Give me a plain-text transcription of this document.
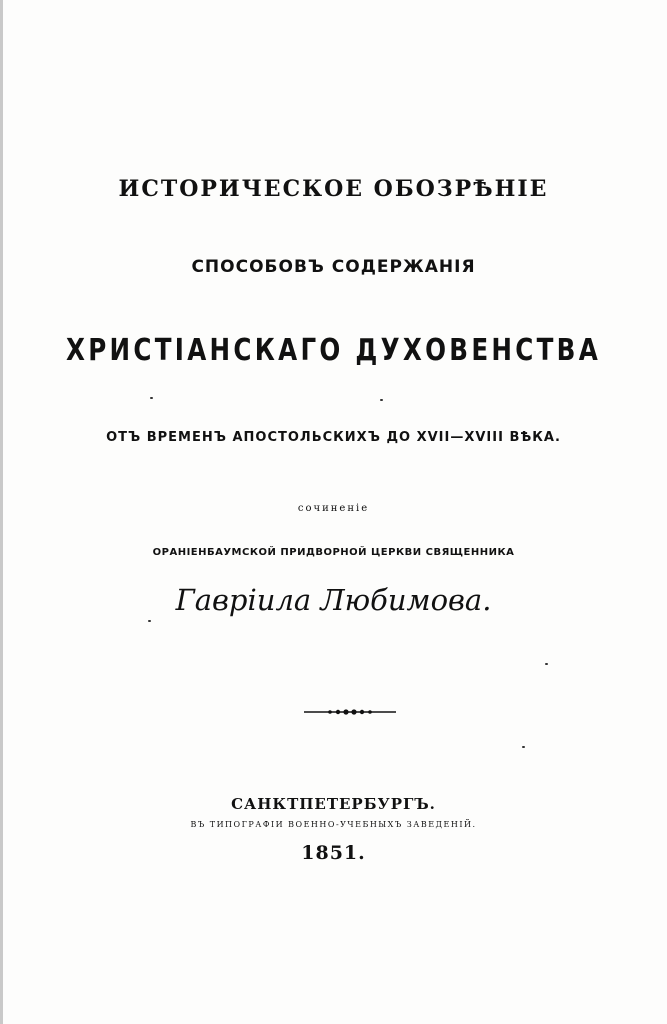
ИСТОРИЧЕСКОЕ ОБОЗРѢНІЕ
СПОСОБОВЪ СОДЕРЖАНІЯ
ХРИСТІАНСКАГО ДУХОВЕНСТВА
ОТЪ ВРЕМЕНЪ АПОСТОЛЬСКИХЪ ДО XVII—XVIII ВѢКА.
сочиненіе
ОРАНІЕНБАУМСКОЙ ПРИДВОРНОЙ ЦЕРКВИ СВЯЩЕННИКА
Гавріила Любимова.
САНКТПЕТЕРБУРГЪ.
ВЪ ТИПОГРАФІИ ВОЕННО-УЧЕБНЫХЪ ЗАВЕДЕНІЙ.
1851.
